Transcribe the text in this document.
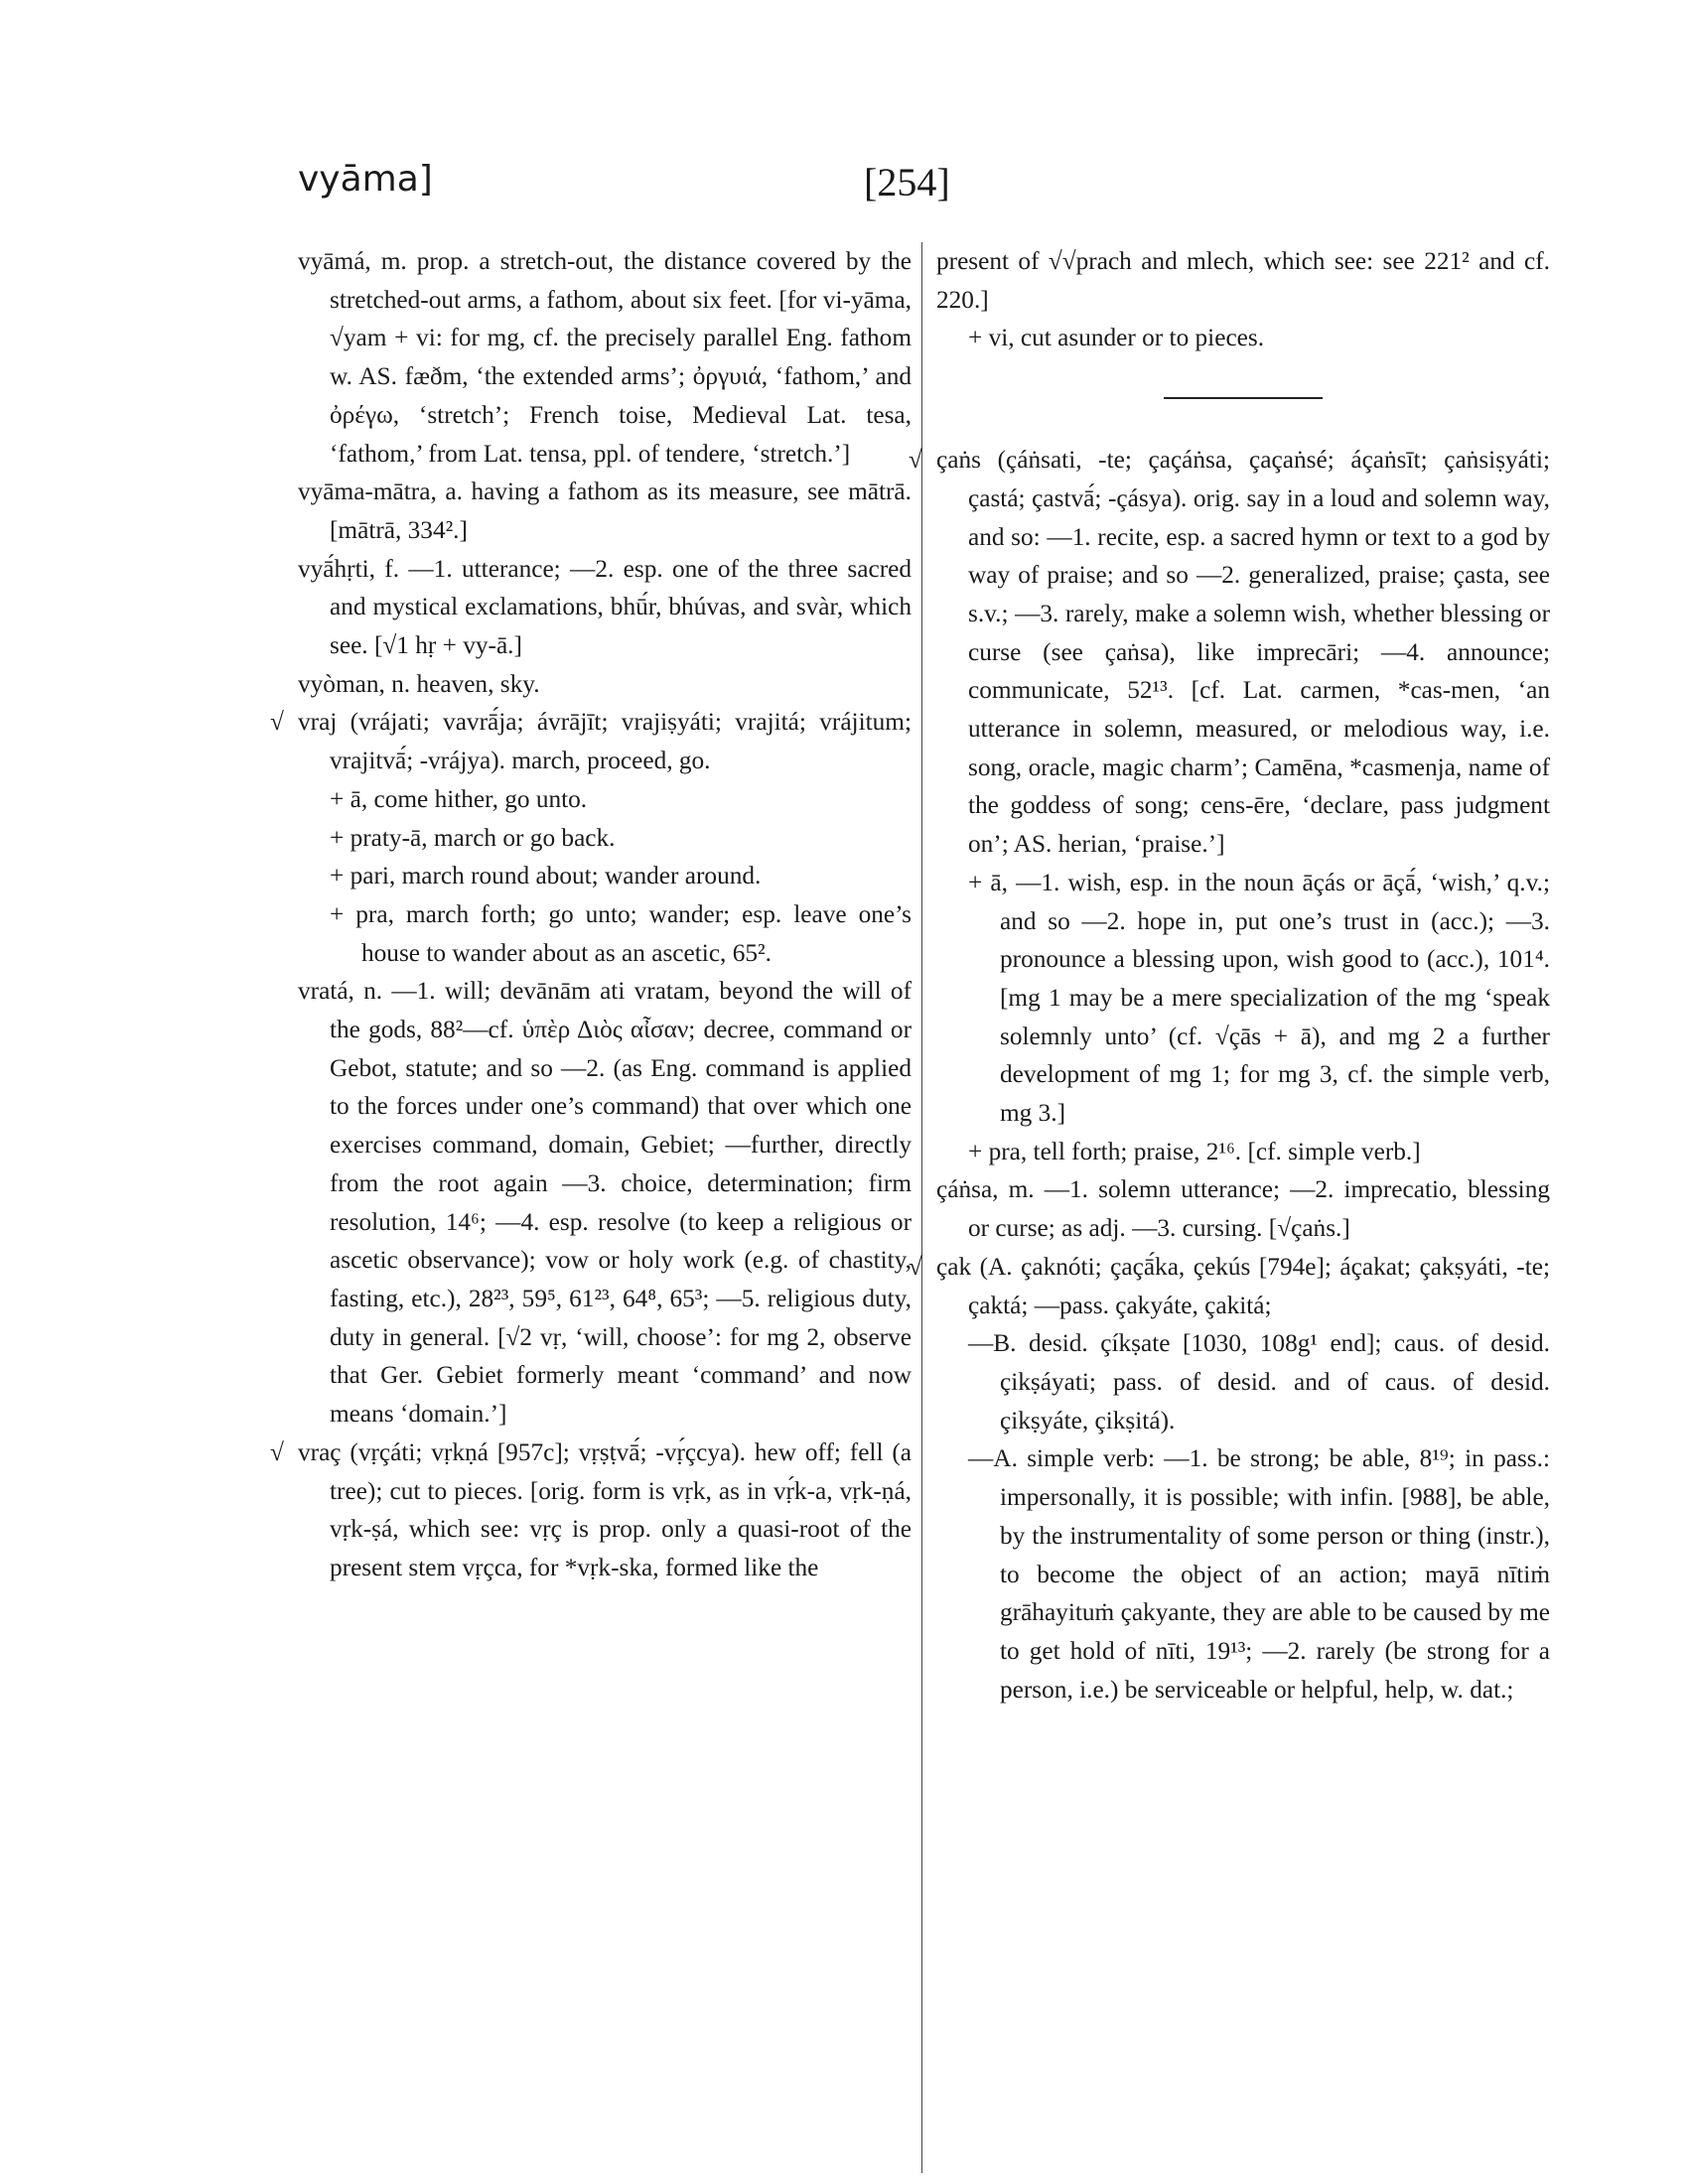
vyāma]	[254]

vyāmá, m. prop. a stretch-out, the distance covered by the stretched-out arms, a fathom, about six feet. [for vi-yāma, √yam + vi: for mg, cf. the precisely parallel Eng. fathom w. AS. fæðm, ‘the extended arms’; ὀργυιά, ‘fathom,’ and ὀρέγω, ‘stretch’; French toise, Medieval Lat. tesa, ‘fathom,’ from Lat. tensa, ppl. of tendere, ‘stretch.’]

vyāma-mātra, a. having a fathom as its measure, see mātrā. [mātrā, 334².]

vyā́hṛti, f. —1. utterance; —2. esp. one of the three sacred and mystical exclamations, bhū́r, bhúvas, and svàr, which see. [√1 hṛ + vy-ā.]

vyòman, n. heaven, sky.

√ vraj (vrájati; vavrā́ja; ávrājīt; vrajiṣyáti; vrajitá; vrájitum; vrajitvā́; -vrájya). march, proceed, go.

+ ā, come hither, go unto.

+ praty-ā, march or go back.

+ pari, march round about; wander around.

+ pra, march forth; go unto; wander; esp. leave one’s house to wander about as an ascetic, 65².

vratá, n. —1. will; devānām ati vratam, beyond the will of the gods, 88²—cf. ὑπὲρ Διὸς αἶσαν; decree, command or Gebot, statute; and so —2. (as Eng. command is applied to the forces under one’s command) that over which one exercises command, domain, Gebiet; —further, directly from the root again —3. choice, determination; firm resolution, 14⁶; —4. esp. resolve (to keep a religious or ascetic observance); vow or holy work (e.g. of chastity, fasting, etc.), 28²³, 59⁵, 61²³, 64⁸, 65³; —5. religious duty, duty in general. [√2 vṛ, ‘will, choose’: for mg 2, observe that Ger. Gebiet formerly meant ‘command’ and now means ‘domain.’]

√ vraç (vṛçáti; vṛkṇá [957c]; vṛṣṭvā́; -vṛ́çcya). hew off; fell (a tree); cut to pieces. [orig. form is vṛk, as in vṛ́k-a, vṛk-ṇá, vṛk-ṣá, which see: vṛç is prop. only a quasi-root of the present stem vṛçca, for *vṛk-ska, formed like the

present of √√prach and mlech, which see: see 221² and cf. 220.]

+ vi, cut asunder or to pieces.

√ çaṅs (çáṅsati, -te; çaçáṅsa, çaçaṅsé; áçaṅsīt; çaṅsiṣyáti; çastá; çastvā́; -çásya). orig. say in a loud and solemn way, and so: —1. recite, esp. a sacred hymn or text to a god by way of praise; and so —2. generalized, praise; çasta, see s.v.; —3. rarely, make a solemn wish, whether blessing or curse (see çaṅsa), like imprecāri; —4. announce; communicate, 52¹³. [cf. Lat. carmen, *cas-men, ‘an utterance in solemn, measured, or melodious way, i.e. song, oracle, magic charm’; Camēna, *casmenja, name of the goddess of song; cens-ēre, ‘declare, pass judgment on’; AS. herian, ‘praise.’]

+ ā, —1. wish, esp. in the noun āçás or āçā́, ‘wish,’ q.v.; and so —2. hope in, put one’s trust in (acc.); —3. pronounce a blessing upon, wish good to (acc.), 101⁴. [mg 1 may be a mere specialization of the mg ‘speak solemnly unto’ (cf. √çās + ā), and mg 2 a further development of mg 1; for mg 3, cf. the simple verb, mg 3.]

+ pra, tell forth; praise, 2¹⁶. [cf. simple verb.]

çáṅsa, m. —1. solemn utterance; —2. imprecatio, blessing or curse; as adj. —3. cursing. [√çaṅs.]

√ çak (A. çaknóti; çaçā́ka, çekús [794e]; áçakat; çakṣyáti, -te; çaktá; —pass. çakyáte, çakitá;

—B. desid. çíkṣate [1030, 108g¹ end]; caus. of desid. çikṣáyati; pass. of desid. and of caus. of desid. çikṣyáte, çikṣitá).

—A. simple verb: —1. be strong; be able, 8¹⁹; in pass.: impersonally, it is possible; with infin. [988], be able, by the instrumentality of some person or thing (instr.), to become the object of an action; mayā nītiṁ grāhayituṁ çakyante, they are able to be caused by me to get hold of nīti, 19¹³; —2. rarely (be strong for a person, i.e.) be serviceable or helpful, help, w. dat.;
